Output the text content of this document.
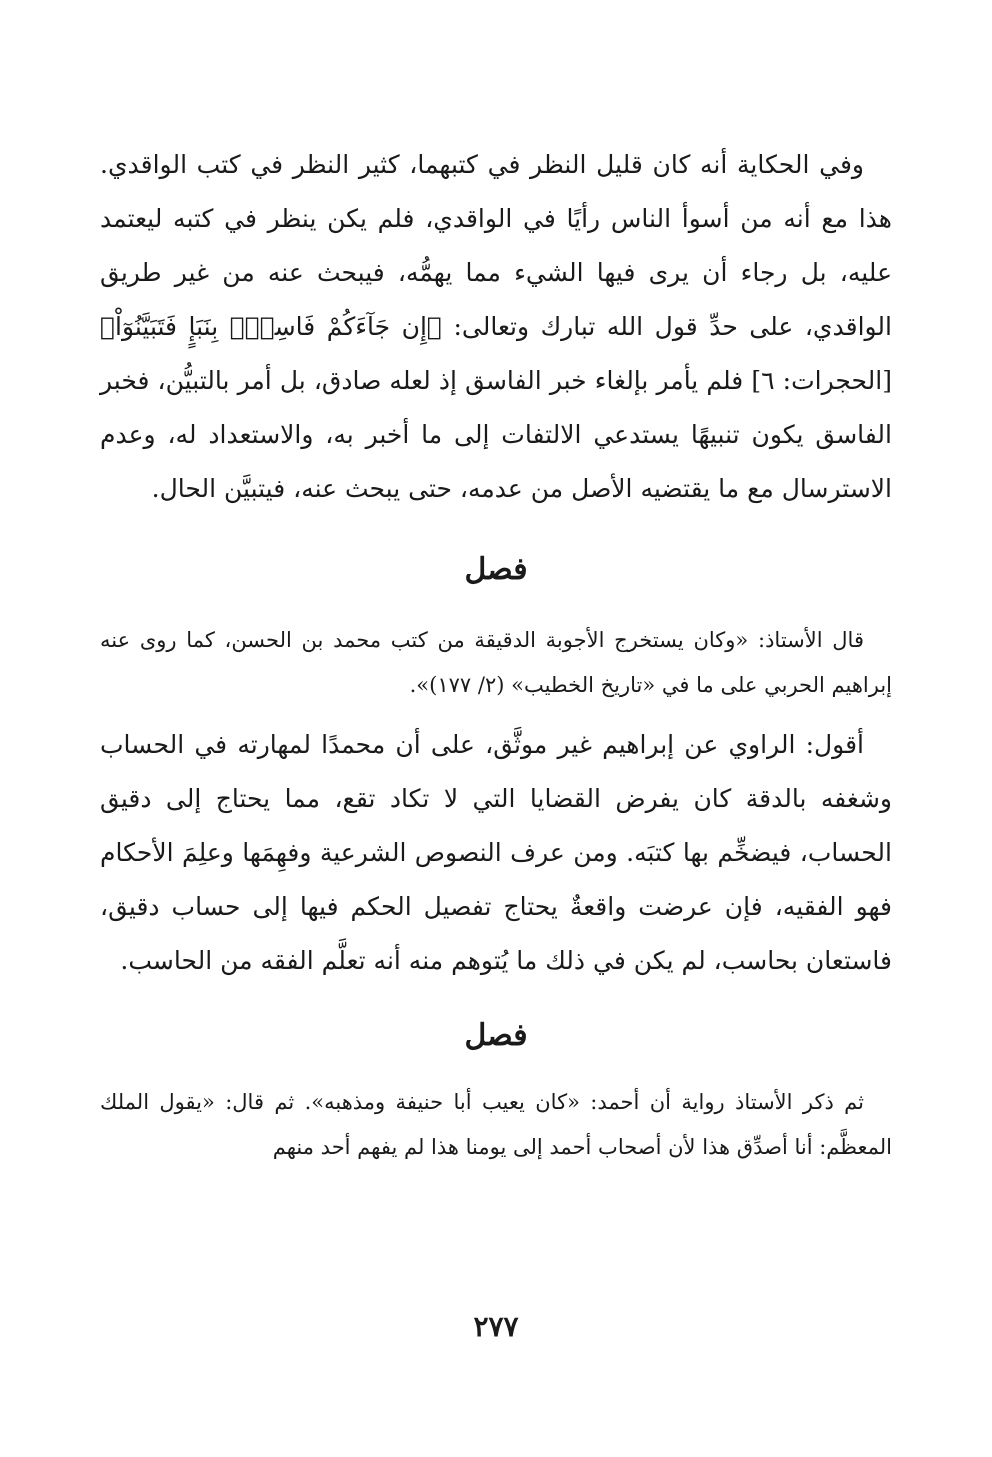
وفي الحكاية أنه كان قليل النظر في كتبهما، كثير النظر في كتب الواقدي. هذا مع أنه من أسوأ الناس رأيًا في الواقدي، فلم يكن ينظر في كتبه ليعتمد عليه، بل رجاء أن يرى فيها الشيء مما يهمُّه، فيبحث عنه من غير طريق الواقدي، على حدِّ قول الله تبارك وتعالى: ﴿إِن جَآءَكُمْ فَاسِقُۢ بِنَبَإٍ فَتَبَيَّنُوٓاْ﴾ [الحجرات: ٦] فلم يأمر بإلغاء خبر الفاسق إذ لعله صادق، بل أمر بالتبيُّن، فخبر الفاسق يكون تنبيهًا يستدعي الالتفات إلى ما أخبر به، والاستعداد له، وعدم الاسترسال مع ما يقتضيه الأصل من عدمه، حتى يبحث عنه، فيتبيَّن الحال.

فصل

قال الأستاذ: «وكان يستخرج الأجوبة الدقيقة من كتب محمد بن الحسن، كما روى عنه إبراهيم الحربي على ما في «تاريخ الخطيب» (٢/ ١٧٧)».

أقول: الراوي عن إبراهيم غير موثَّق، على أن محمدًا لمهارته في الحساب وشغفه بالدقة كان يفرض القضايا التي لا تكاد تقع، مما يحتاج إلى دقيق الحساب، فيضخِّم بها كتبَه. ومن عرف النصوص الشرعية وفهِمَها وعلِمَ الأحكام فهو الفقيه، فإن عرضت واقعةٌ يحتاج تفصيل الحكم فيها إلى حساب دقيق، فاستعان بحاسب، لم يكن في ذلك ما يُتوهم منه أنه تعلَّم الفقه من الحاسب.

فصل

ثم ذكر الأستاذ رواية أن أحمد: «كان يعيب أبا حنيفة ومذهبه». ثم قال: «يقول الملك المعظَّم: أنا أصدِّق هذا لأن أصحاب أحمد إلى يومنا هذا لم يفهم أحد منهم

٢٧٧
